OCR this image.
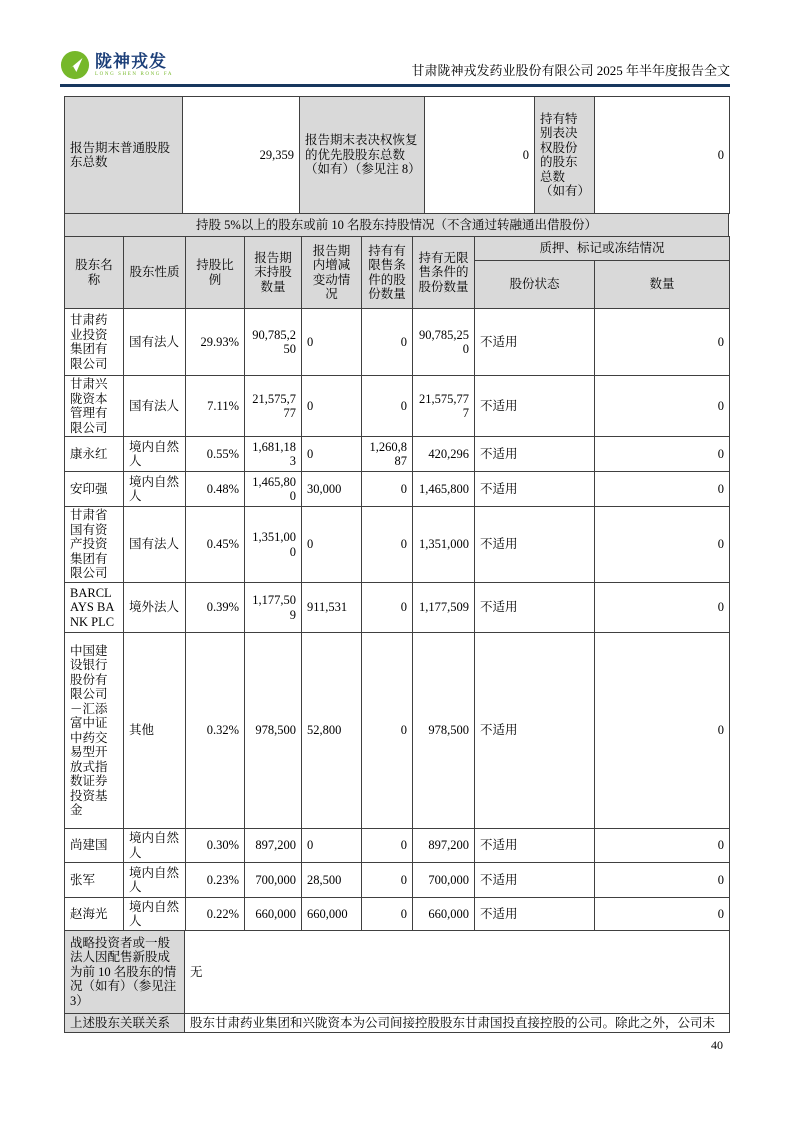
陇神戎发
LONG SHEN RONG FA	甘肃陇神戎发药业股份有限公司 2025 年半年度报告全文
报告期末普通股股东总数	29,359	报告期末表决权恢复的优先股股东总数（如有）（参见注 8）	0	持有特别表决权股份的股东总数（如有）	0
持股 5%以上的股东或前 10 名股东持股情况（不含通过转融通出借股份）
股东名称	股东性质	持股比例	报告期末持股数量	报告期内增减变动情况	持有有限售条件的股份数量	持有无限售条件的股份数量	质押、标记或冻结情况	
							股份状态	数量
甘肃药业投资集团有限公司	国有法人	29.93%	90,785,250	0	0	90,785,250	不适用	0
甘肃兴陇资本管理有限公司	国有法人	7.11%	21,575,777	0	0	21,575,777	不适用	0
康永红	境内自然人	0.55%	1,681,183	0	1,260,887	420,296	不适用	0
安印强	境内自然人	0.48%	1,465,800	30,000	0	1,465,800	不适用	0
甘肃省国有资产投资集团有限公司	国有法人	0.45%	1,351,000	0	0	1,351,000	不适用	0
BARCLAYS BANK PLC	境外法人	0.39%	1,177,509	911,531	0	1,177,509	不适用	0
中国建设银行股份有限公司－汇添富中证中药交易型开放式指数证券投资基金	其他	0.32%	978,500	52,800	0	978,500	不适用	0
尚建国	境内自然人	0.30%	897,200	0	0	897,200	不适用	0
张军	境内自然人	0.23%	700,000	28,500	0	700,000	不适用	0
赵海光	境内自然人	0.22%	660,000	660,000	0	660,000	不适用	0
战略投资者或一般法人因配售新股成为前 10 名股东的情况（如有）（参见注 3）	无
上述股东关联关系	股东甘肃药业集团和兴陇资本为公司间接控股股东甘肃国投直接控股的公司。除此之外，公司未
40
